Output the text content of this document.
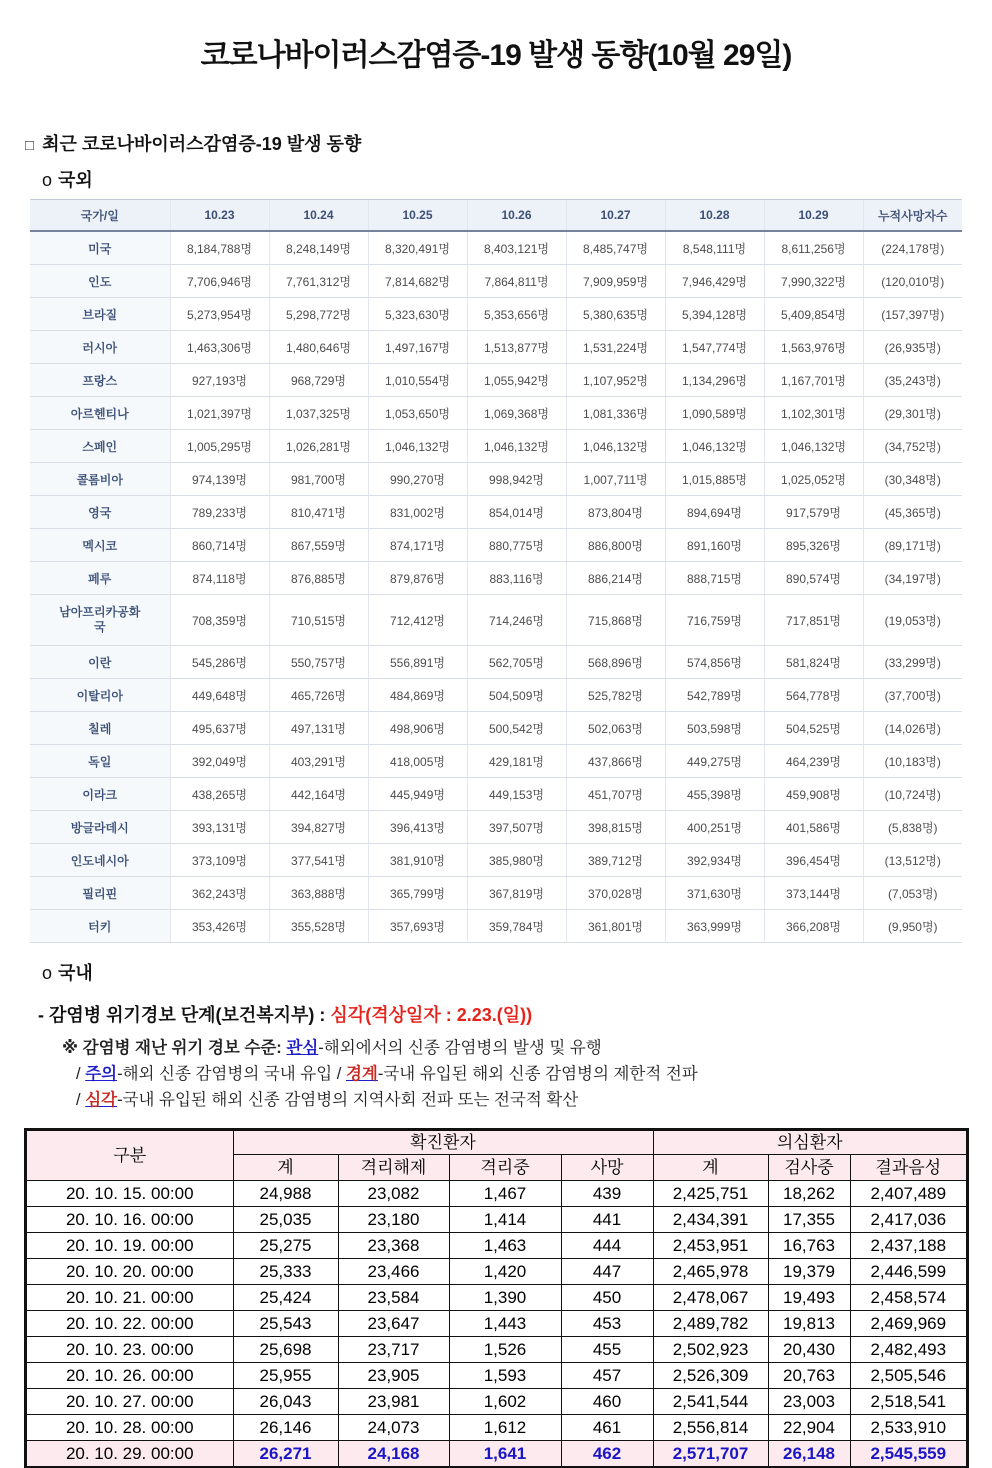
코로나바이러스감염증-19 발생 동향(10월 29일)
□ 최근 코로나바이러스감염증-19 발생 동향
o 국외
국가/일	10.23	10.24	10.25	10.26	10.27	10.28	10.29	누적사망자수
미국	8,184,788명	8,248,149명	8,320,491명	8,403,121명	8,485,747명	8,548,111명	8,611,256명	(224,178명)
인도	7,706,946명	7,761,312명	7,814,682명	7,864,811명	7,909,959명	7,946,429명	7,990,322명	(120,010명)
브라질	5,273,954명	5,298,772명	5,323,630명	5,353,656명	5,380,635명	5,394,128명	5,409,854명	(157,397명)
러시아	1,463,306명	1,480,646명	1,497,167명	1,513,877명	1,531,224명	1,547,774명	1,563,976명	(26,935명)
프랑스	927,193명	968,729명	1,010,554명	1,055,942명	1,107,952명	1,134,296명	1,167,701명	(35,243명)
아르헨티나	1,021,397명	1,037,325명	1,053,650명	1,069,368명	1,081,336명	1,090,589명	1,102,301명	(29,301명)
스페인	1,005,295명	1,026,281명	1,046,132명	1,046,132명	1,046,132명	1,046,132명	1,046,132명	(34,752명)
콜롬비아	974,139명	981,700명	990,270명	998,942명	1,007,711명	1,015,885명	1,025,052명	(30,348명)
영국	789,233명	810,471명	831,002명	854,014명	873,804명	894,694명	917,579명	(45,365명)
멕시코	860,714명	867,559명	874,171명	880,775명	886,800명	891,160명	895,326명	(89,171명)
페루	874,118명	876,885명	879,876명	883,116명	886,214명	888,715명	890,574명	(34,197명)
남아프리카공화국	708,359명	710,515명	712,412명	714,246명	715,868명	716,759명	717,851명	(19,053명)
이란	545,286명	550,757명	556,891명	562,705명	568,896명	574,856명	581,824명	(33,299명)
이탈리아	449,648명	465,726명	484,869명	504,509명	525,782명	542,789명	564,778명	(37,700명)
칠레	495,637명	497,131명	498,906명	500,542명	502,063명	503,598명	504,525명	(14,026명)
독일	392,049명	403,291명	418,005명	429,181명	437,866명	449,275명	464,239명	(10,183명)
이라크	438,265명	442,164명	445,949명	449,153명	451,707명	455,398명	459,908명	(10,724명)
방글라데시	393,131명	394,827명	396,413명	397,507명	398,815명	400,251명	401,586명	(5,838명)
인도네시아	373,109명	377,541명	381,910명	385,980명	389,712명	392,934명	396,454명	(13,512명)
필리핀	362,243명	363,888명	365,799명	367,819명	370,028명	371,630명	373,144명	(7,053명)
터키	353,426명	355,528명	357,693명	359,784명	361,801명	363,999명	366,208명	(9,950명)
o 국내
- 감염병 위기경보 단계(보건복지부) : 심각(격상일자 : 2.23.(일))
※ 감염병 재난 위기 경보 수준: 관심-해외에서의 신종 감염병의 발생 및 유행
/ 주의-해외 신종 감염병의 국내 유입 / 경계-국내 유입된 해외 신종 감염병의 제한적 전파
/ 심각-국내 유입된 해외 신종 감염병의 지역사회 전파 또는 전국적 확산
구분	확진환자				의심환자		
	계	격리해제	격리중	사망	계	검사중	결과음성
20. 10. 15. 00:00	24,988	23,082	1,467	439	2,425,751	18,262	2,407,489
20. 10. 16. 00:00	25,035	23,180	1,414	441	2,434,391	17,355	2,417,036
20. 10. 19. 00:00	25,275	23,368	1,463	444	2,453,951	16,763	2,437,188
20. 10. 20. 00:00	25,333	23,466	1,420	447	2,465,978	19,379	2,446,599
20. 10. 21. 00:00	25,424	23,584	1,390	450	2,478,067	19,493	2,458,574
20. 10. 22. 00:00	25,543	23,647	1,443	453	2,489,782	19,813	2,469,969
20. 10. 23. 00:00	25,698	23,717	1,526	455	2,502,923	20,430	2,482,493
20. 10. 26. 00:00	25,955	23,905	1,593	457	2,526,309	20,763	2,505,546
20. 10. 27. 00:00	26,043	23,981	1,602	460	2,541,544	23,003	2,518,541
20. 10. 28. 00:00	26,146	24,073	1,612	461	2,556,814	22,904	2,533,910
20. 10. 29. 00:00	26,271	24,168	1,641	462	2,571,707	26,148	2,545,559
